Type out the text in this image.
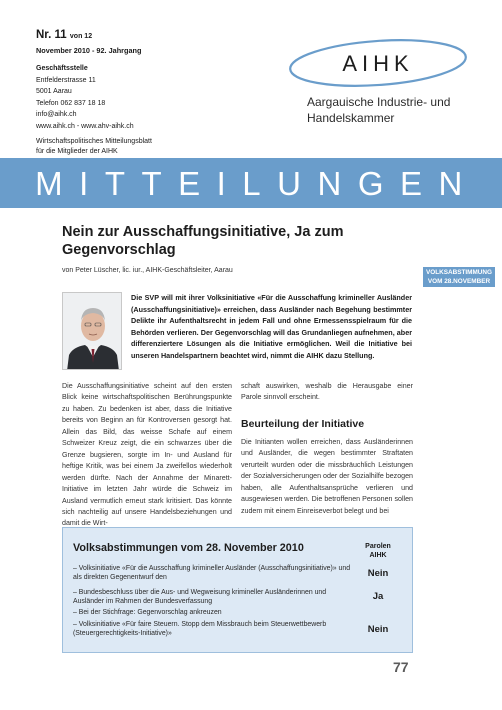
Nr. 11 von 12
November 2010 - 92. Jahrgang
Geschäftsstelle
Entfelderstrasse 11
5001 Aarau
Telefon 062 837 18 18
info@aihk.ch
www.aihk.ch - www.ahv-aihk.ch
Wirtschaftspolitisches Mitteilungsblatt
für die Mitglieder der AIHK
AIHK
Aargauische Industrie- und
Handelskammer
MITTEILUNGEN
Nein zur Ausschaffungsinitiative, Ja zum Gegenvorschlag
von Peter Lüscher, lic. iur., AIHK-Geschäftsleiter, Aarau	VOLKSABSTIMMUNG
VOM 28.NOVEMBER
Die SVP will mit ihrer Volksinitiative «Für die Ausschaffung krimineller Ausländer (Ausschaffungsinitiative)» erreichen, dass Ausländer nach Begehung bestimmter Delikte ihr Aufenthaltsrecht in jedem Fall und ohne Ermessensspielraum für die Behörden verlieren. Der Gegenvorschlag will das Grundanliegen aufnehmen, aber differenziertere Lösungen als die Initiative ermöglichen. Weil die Initiative bei unseren Handelspartnern beachtet wird, nimmt die AIHK dazu Stellung.
Die Ausschaffungsinitiative scheint auf den ersten Blick keine wirtschaftspolitischen Berührungspunkte zu haben. Zu bedenken ist aber, dass die Initiative bereits von Beginn an für Kontroversen gesorgt hat. Allein das Bild, das weisse Schafe auf einem Schweizer Kreuz zeigt, die ein schwarzes über die Grenze bugsieren, sorgte im In- und Ausland für heftige Kritik, was bei einem Ja zweifellos wiederholt werden dürfte. Nach der Annahme der Minarett-Initiative im letzten Jahr würde die Schweiz im Ausland vermutlich erneut stark kritisiert. Das könnte sich nachteilig auf unsere Handelsbeziehungen und damit die Wirt-
schaft auswirken, weshalb die Herausgabe einer Parole sinnvoll erscheint.
Beurteilung der Initiative
Die Initianten wollen erreichen, dass Ausländerinnen und Ausländer, die wegen bestimmter Straftaten verurteilt wurden oder die missbräuchlich Leistungen der Sozialversicherungen oder der Sozialhilfe bezogen haben, alle Aufenthaltsansprüche verlieren und ausgewiesen werden. Die betroffenen Personen sollen zudem mit einem Einreiseverbot belegt und bei
Volksabstimmungen vom 28. November 2010	Parolen
AIHK
– Volksinitiative «Für die Ausschaffung krimineller Ausländer (Ausschaffungsinitiative)» und als direkten Gegenentwurf den	Nein
– Bundesbeschluss über die Aus- und Wegweisung krimineller Ausländerinnen und Ausländer im Rahmen der Bundesverfassung	Ja
– Bei der Stichfrage: Gegenvorschlag ankreuzen
– Volksinitiative «Für faire Steuern. Stopp dem Missbrauch beim Steuerwettbewerb (Steuergerechtigkeits-Initiative)»	Nein
77
